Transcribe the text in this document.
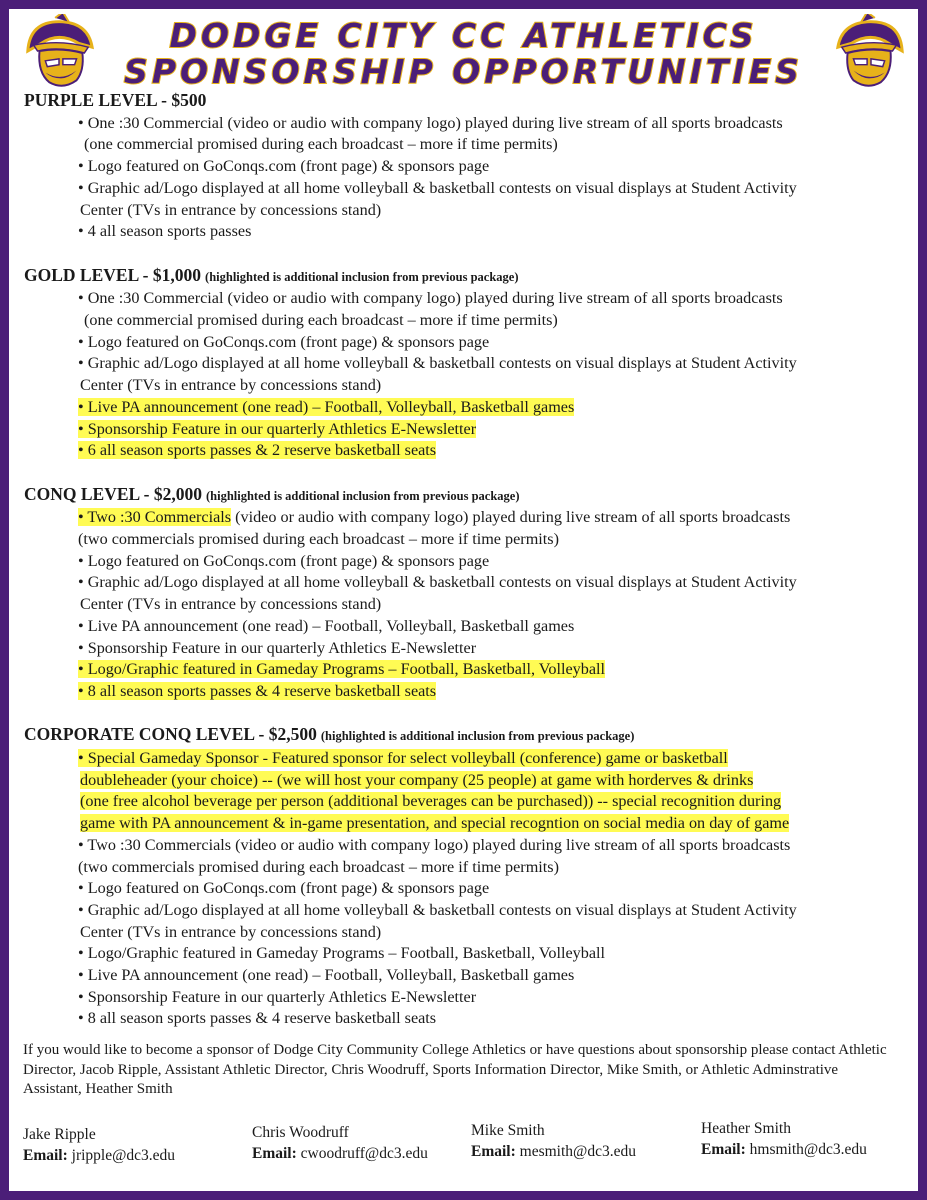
DODGE CITY CC ATHLETICS
SPONSORSHIP OPPORTUNITIES
PURPLE LEVEL - $500
• One :30 Commercial (video or audio with company logo) played during live stream of all sports broadcasts
(one commercial promised during each broadcast – more if time permits)
• Logo featured on GoConqs.com (front page) & sponsors page
• Graphic ad/Logo displayed at all home volleyball & basketball contests on visual displays at Student Activity
Center (TVs in entrance by concessions stand)
• 4 all season sports passes
GOLD LEVEL - $1,000 (highlighted is additional inclusion from previous package)
• One :30 Commercial (video or audio with company logo) played during live stream of all sports broadcasts
(one commercial promised during each broadcast – more if time permits)
• Logo featured on GoConqs.com (front page) & sponsors page
• Graphic ad/Logo displayed at all home volleyball & basketball contests on visual displays at Student Activity
Center (TVs in entrance by concessions stand)
• Live PA announcement (one read) – Football, Volleyball, Basketball games
• Sponsorship Feature in our quarterly Athletics E-Newsletter
• 6 all season sports passes & 2 reserve basketball seats
CONQ LEVEL - $2,000 (highlighted is additional inclusion from previous package)
• Two :30 Commercials (video or audio with company logo) played during live stream of all sports broadcasts
(two commercials promised during each broadcast – more if time permits)
• Logo featured on GoConqs.com (front page) & sponsors page
• Graphic ad/Logo displayed at all home volleyball & basketball contests on visual displays at Student Activity
Center (TVs in entrance by concessions stand)
• Live PA announcement (one read) – Football, Volleyball, Basketball games
• Sponsorship Feature in our quarterly Athletics E-Newsletter
• Logo/Graphic featured in Gameday Programs – Football, Basketball, Volleyball
• 8 all season sports passes & 4 reserve basketball seats
CORPORATE CONQ LEVEL - $2,500 (highlighted is additional inclusion from previous package)
• Special Gameday Sponsor - Featured sponsor for select volleyball (conference) game or basketball
doubleheader (your choice) -- (we will host your company (25 people) at game with horderves & drinks
(one free alcohol beverage per person (additional beverages can be purchased)) -- special recognition during
game with PA announcement & in-game presentation, and special recogntion on social media on day of game
• Two :30 Commercials (video or audio with company logo) played during live stream of all sports broadcasts
(two commercials promised during each broadcast – more if time permits)
• Logo featured on GoConqs.com (front page) & sponsors page
• Graphic ad/Logo displayed at all home volleyball & basketball contests on visual displays at Student Activity
Center (TVs in entrance by concessions stand)
• Logo/Graphic featured in Gameday Programs – Football, Basketball, Volleyball
• Live PA announcement (one read) – Football, Volleyball, Basketball games
• Sponsorship Feature in our quarterly Athletics E-Newsletter
• 8 all season sports passes & 4 reserve basketball seats
If you would like to become a sponsor of Dodge City Community College Athletics or have questions about sponsorship please contact Athletic Director, Jacob Ripple, Assistant Athletic Director, Chris Woodruff, Sports Information Director, Mike Smith, or Athletic Adminstrative Assistant, Heather Smith
Jake Ripple
Email: jripple@dc3.edu
Chris Woodruff
Email: cwoodruff@dc3.edu
Mike Smith
Email: mesmith@dc3.edu
Heather Smith
Email: hmsmith@dc3.edu
